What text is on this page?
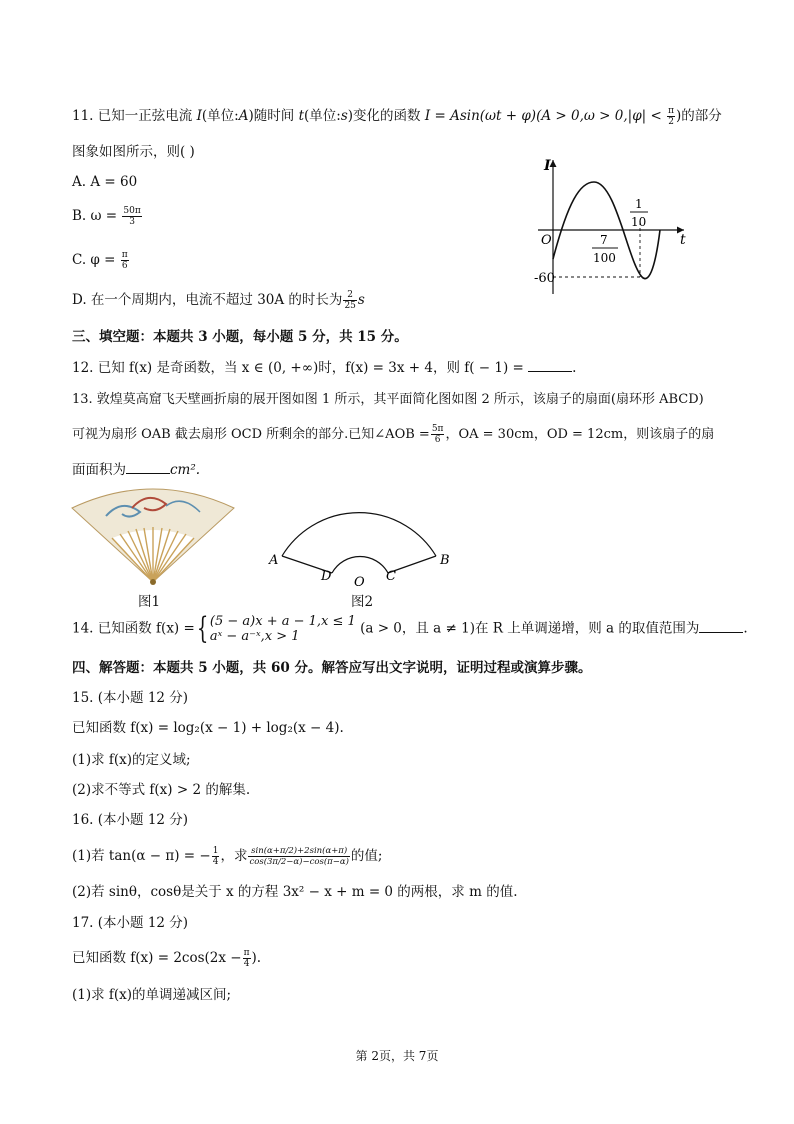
11. 已知一正弦电流 I(单位:A)随时间 t(单位:s)变化的函数 $I = Asin(\omega t + \varphi)(A > 0,\omega > 0,|\varphi| < \frac{\pi}{2}$ )的部分
图象如图所示，则( )
A. A = 60
B. $\omega = \frac{50\pi}{3}$
C. $\varphi = \frac{\pi}{6}$
D. 在一个周期内，电流不超过 30A 的时长为 $\frac{2}{25}$ s
I
t
O
-60
7
100
1
10
三、填空题：本题共 3 小题，每小题 5 分，共 15 分。
12. 已知 f(x) 是奇函数，当 x ∈ (0, +∞)时，f(x) = 3x + 4，则 f( − 1) =	.
13. 敦煌莫高窟飞天壁画折扇的展开图如图 1 所示，其平面简化图如图 2 所示，该扇子的扇面(扇环形 ABCD)
可视为扇形 OAB 截去扇形 OCD 所剩余的部分.已知∠AOB = $\frac{5\pi}{6}$ ，OA = 30cm，OD = 12cm，则该扇子的扇
面面积为	cm².
图1
A	B
D O C
图2
14. 已知函数 f(x) ={ (5 − a)x + a − 1,x ≤ 1
aˣ − a⁻ˣ,x > 1	(a > 0，且 a ≠ 1)在 R 上单调递增，则 a 的取值范围为	.
四、解答题：本题共 5 小题，共 60 分。解答应写出文字说明，证明过程或演算步骤。
15. (本小题 12 分)
已知函数 f(x) = log₂(x − 1) + log₂(x − 4).
(1)求 f(x)的定义域;
(2)求不等式 f(x) > 2 的解集.
16. (本小题 12 分)
(1)若 tan(α − π) = − $\frac{1}{4}$ ，求 $\frac{\sin(\alpha+\pi/2)+2\sin(\alpha+\pi)}{\cos(3\pi/2-\alpha)-\cos(\pi-\alpha)}$ 的值;
(2)若 sinθ，cosθ是关于 x 的方程 3x² − x + m = 0 的两根，求 m 的值.
17. (本小题 12 分)
已知函数 $f(x) = 2\cos(2x - \frac{\pi}{4}$ ).
(1)求 f(x)的单调递减区间;
第 2页，共 7页
